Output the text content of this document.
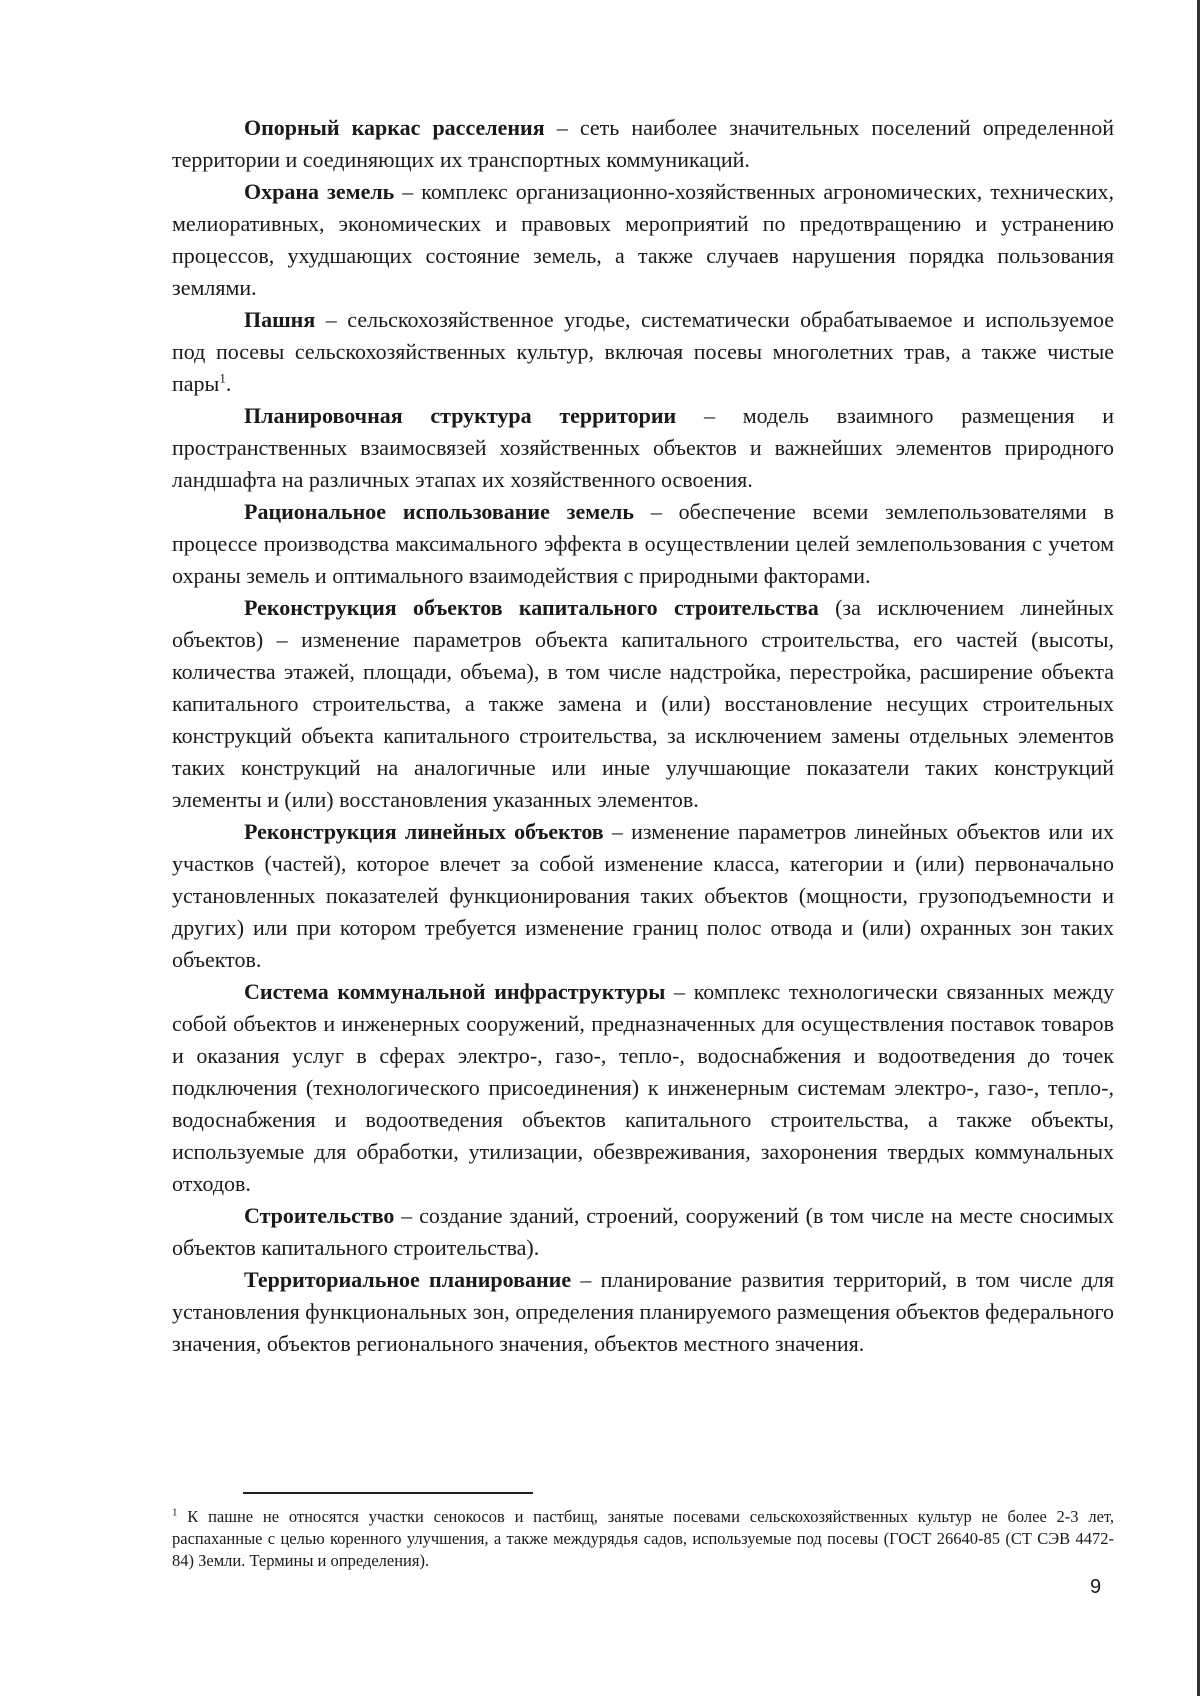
Опорный каркас расселения – сеть наиболее значительных поселений определенной территории и соединяющих их транспортных коммуникаций.

Охрана земель – комплекс организационно-хозяйственных агрономических, технических, мелиоративных, экономических и правовых мероприятий по предотвращению и устранению процессов, ухудшающих состояние земель, а также случаев нарушения порядка пользования землями.

Пашня – сельскохозяйственное угодье, систематически обрабатываемое и используемое под посевы сельскохозяйственных культур, включая посевы многолетних трав, а также чистые пары$^1$.

Планировочная структура территории – модель взаимного размещения и пространственных взаимосвязей хозяйственных объектов и важнейших элементов природного ландшафта на различных этапах их хозяйственного освоения.

Рациональное использование земель – обеспечение всеми землепользователями в процессе производства максимального эффекта в осуществлении целей землепользования с учетом охраны земель и оптимального взаимодействия с природными факторами.

Реконструкция объектов капитального строительства (за исключением линейных объектов) – изменение параметров объекта капитального строительства, его частей (высоты, количества этажей, площади, объема), в том числе надстройка, перестройка, расширение объекта капитального строительства, а также замена и (или) восстановление несущих строительных конструкций объекта капитального строительства, за исключением замены отдельных элементов таких конструкций на аналогичные или иные улучшающие показатели таких конструкций элементы и (или) восстановления указанных элементов.

Реконструкция линейных объектов – изменение параметров линейных объектов или их участков (частей), которое влечет за собой изменение класса, категории и (или) первоначально установленных показателей функционирования таких объектов (мощности, грузоподъемности и других) или при котором требуется изменение границ полос отвода и (или) охранных зон таких объектов.

Система коммунальной инфраструктуры – комплекс технологически связанных между собой объектов и инженерных сооружений, предназначенных для осуществления поставок товаров и оказания услуг в сферах электро-, газо-, тепло-, водоснабжения и водоотведения до точек подключения (технологического присоединения) к инженерным системам электро-, газо-, тепло-, водоснабжения и водоотведения объектов капитального строительства, а также объекты, используемые для обработки, утилизации, обезвреживания, захоронения твердых коммунальных отходов.

Строительство – создание зданий, строений, сооружений (в том числе на месте сносимых объектов капитального строительства).

Территориальное планирование – планирование развития территорий, в том числе для установления функциональных зон, определения планируемого размещения объектов федерального значения, объектов регионального значения, объектов местного значения.

$^1$ К пашне не относятся участки сенокосов и пастбищ, занятые посевами сельскохозяйственных культур не более 2-3 лет, распаханные с целью коренного улучшения, а также междурядья садов, используемые под посевы (ГОСТ 26640-85 (СТ СЭВ 4472-84) Земли. Термины и определения).

9
